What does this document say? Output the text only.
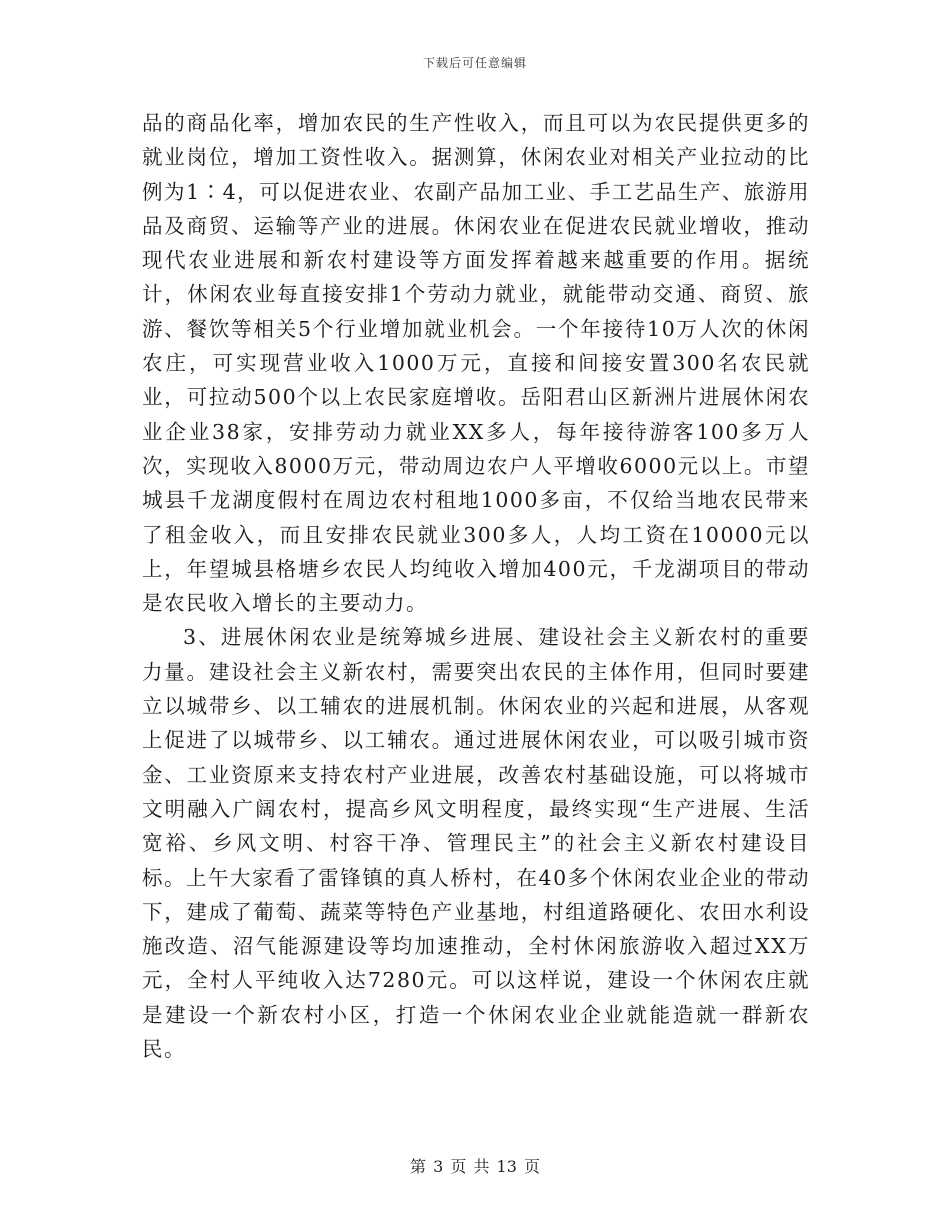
下载后可任意编辑

品的商品化率，增加农民的生产性收入，而且可以为农民提供更多的就业岗位，增加工资性收入。据测算，休闲农业对相关产业拉动的比例为1∶4，可以促进农业、农副产品加工业、手工艺品生产、旅游用品及商贸、运输等产业的进展。休闲农业在促进农民就业增收，推动现代农业进展和新农村建设等方面发挥着越来越重要的作用。据统计，休闲农业每直接安排1个劳动力就业，就能带动交通、商贸、旅游、餐饮等相关5个行业增加就业机会。一个年接待10万人次的休闲农庄，可实现营业收入1000万元，直接和间接安置300名农民就业，可拉动500个以上农民家庭增收。岳阳君山区新洲片进展休闲农业企业38家，安排劳动力就业XX多人，每年接待游客100多万人次，实现收入8000万元，带动周边农户人平增收6000元以上。市望城县千龙湖度假村在周边农村租地1000多亩，不仅给当地农民带来了租金收入，而且安排农民就业300多人，人均工资在10000元以上，年望城县格塘乡农民人均纯收入增加400元，千龙湖项目的带动是农民收入增长的主要动力。

3、进展休闲农业是统筹城乡进展、建设社会主义新农村的重要力量。建设社会主义新农村，需要突出农民的主体作用，但同时要建立以城带乡、以工辅农的进展机制。休闲农业的兴起和进展，从客观上促进了以城带乡、以工辅农。通过进展休闲农业，可以吸引城市资金、工业资原来支持农村产业进展，改善农村基础设施，可以将城市文明融入广阔农村，提高乡风文明程度，最终实现“生产进展、生活宽裕、乡风文明、村容干净、管理民主”的社会主义新农村建设目标。上午大家看了雷锋镇的真人桥村，在40多个休闲农业企业的带动下，建成了葡萄、蔬菜等特色产业基地，村组道路硬化、农田水利设施改造、沼气能源建设等均加速推动，全村休闲旅游收入超过XX万元，全村人平纯收入达7280元。可以这样说，建设一个休闲农庄就是建设一个新农村小区，打造一个休闲农业企业就能造就一群新农民。

第 3 页 共 13 页
